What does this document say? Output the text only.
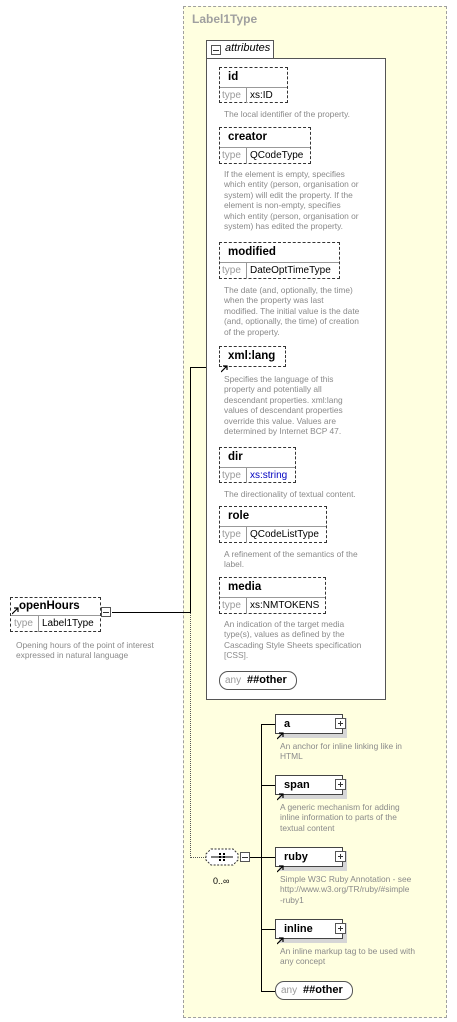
Label1Type
openHours
type Label1Type
Opening hours of the point of interest expressed in natural language
attributes
id
type xs:ID
The local identifier of the property.
creator
type QCodeType
If the element is empty, specifies
which entity (person, organisation or
system) will edit the property. If the
element is non-empty, specifies
which entity (person, organisation or
system) has edited the property.
modified
type DateOptTimeType
The date (and, optionally, the time)
when the property was last
modified. The initial value is the date
(and, optionally, the time) of creation
of the property.
xml:lang
Specifies the language of this
property and potentially all
descendant properties. xml:lang
values of descendant properties
override this value. Values are
determined by Internet BCP 47.
dir
type xs:string
The directionality of textual content.
role
type QCodeListType
A refinement of the semantics of the
label.
media
type xs:NMTOKENS
An indication of the target media
type(s), values as defined by the
Cascading Style Sheets specification
[CSS].
any ##other
0..∞
a
An anchor for inline linking like in
HTML
span
A generic mechanism for adding
inline information to parts of the
textual content
ruby
Simple W3C Ruby Annotation - see
http://www.w3.org/TR/ruby/#simple
-ruby1
inline
An inline markup tag to be used with
any concept
any ##other
